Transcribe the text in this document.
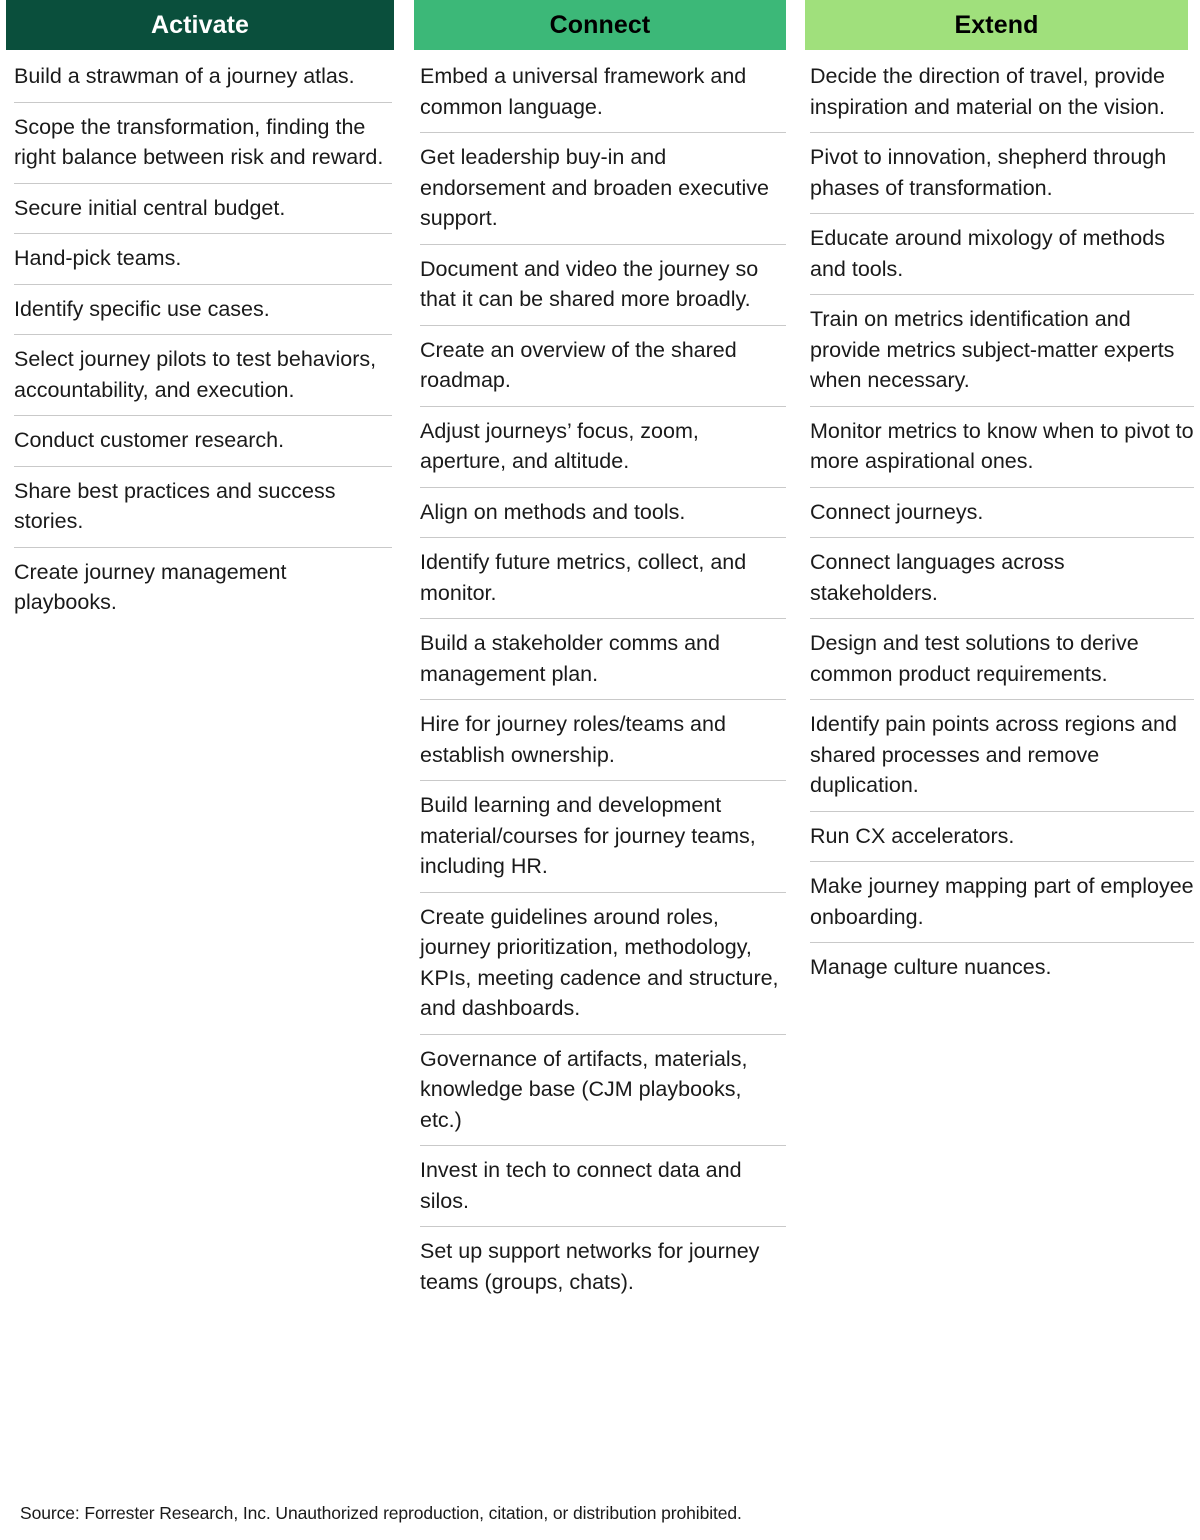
Activate
Build a strawman of a journey atlas.
Scope the transformation, finding the right balance between risk and reward.
Secure initial central budget.
Hand-pick teams.
Identify specific use cases.
Select journey pilots to test behaviors, accountability, and execution.
Conduct customer research.
Share best practices and success stories.
Create journey management playbooks.
Connect
Embed a universal framework and common language.
Get leadership buy-in and endorsement and broaden executive support.
Document and video the journey so that it can be shared more broadly.
Create an overview of the shared roadmap.
Adjust journeys’ focus, zoom, aperture, and altitude.
Align on methods and tools.
Identify future metrics, collect, and monitor.
Build a stakeholder comms and management plan.
Hire for journey roles/teams and establish ownership.
Build learning and development material/courses for journey teams, including HR.
Create guidelines around roles, journey prioritization, methodology, KPIs, meeting cadence and structure, and dashboards.
Governance of artifacts, materials, knowledge base (CJM playbooks, etc.)
Invest in tech to connect data and silos.
Set up support networks for journey teams (groups, chats).
Extend
Decide the direction of travel, provide inspiration and material on the vision.
Pivot to innovation, shepherd through phases of transformation.
Educate around mixology of methods and tools.
Train on metrics identification and provide metrics subject-matter experts when necessary.
Monitor metrics to know when to pivot to more aspirational ones.
Connect journeys.
Connect languages across stakeholders.
Design and test solutions to derive common product requirements.
Identify pain points across regions and shared processes and remove duplication.
Run CX accelerators.
Make journey mapping part of employee onboarding.
Manage culture nuances.
Source: Forrester Research, Inc. Unauthorized reproduction, citation, or distribution prohibited.
